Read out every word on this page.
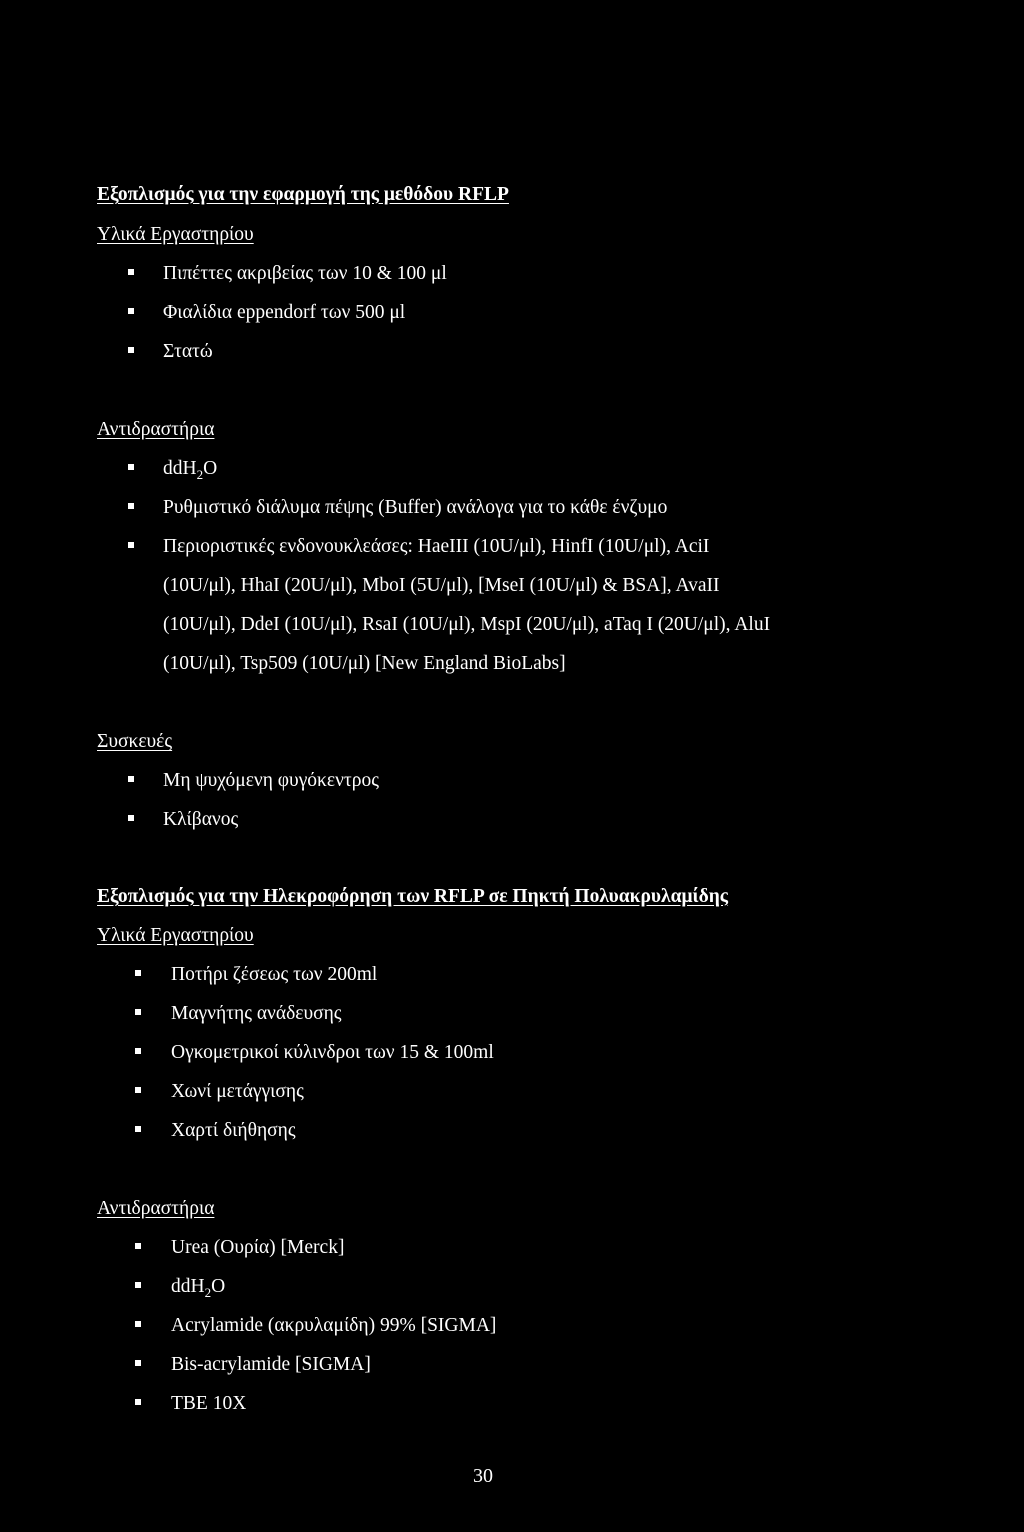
Εξοπλισμός για την εφαρμογή της μεθόδου RFLP
Υλικά Εργαστηρίου
Πιπέττες ακριβείας των 10 & 100 μl
Φιαλίδια eppendorf των 500 μl
Στατώ
Αντιδραστήρια
ddH$_2$O
Ρυθμιστικό διάλυμα πέψης (Buffer) ανάλογα για το κάθε ένζυμο
Περιοριστικές ενδονουκλεάσες: HaeIII (10U/μl), HinfI (10U/μl), AciI
(10U/μl), HhaI (20U/μl), MboI (5U/μl), [MseI (10U/μl) & BSA], AvaII
(10U/μl), DdeI (10U/μl), RsaI (10U/μl), MspI (20U/μl), aTaq I (20U/μl), AluI
(10U/μl), Tsp509 (10U/μl) [New England BioLabs]
Συσκευές
Μη ψυχόμενη φυγόκεντρος
Κλίβανος
Εξοπλισμός για την Ηλεκροφόρηση των RFLP σε Πηκτή Πολυακρυλαμίδης
Υλικά Εργαστηρίου
Ποτήρι ζέσεως των 200ml
Μαγνήτης ανάδευσης
Ογκομετρικοί κύλινδροι των 15 & 100ml
Χωνί μετάγγισης
Χαρτί διήθησης
Αντιδραστήρια
Urea (Ουρία) [Merck]
ddH$_2$O
Acrylamide (ακρυλαμίδη) 99% [SIGMA]
Bis-acrylamide [SIGMA]
TBE 10X
30
